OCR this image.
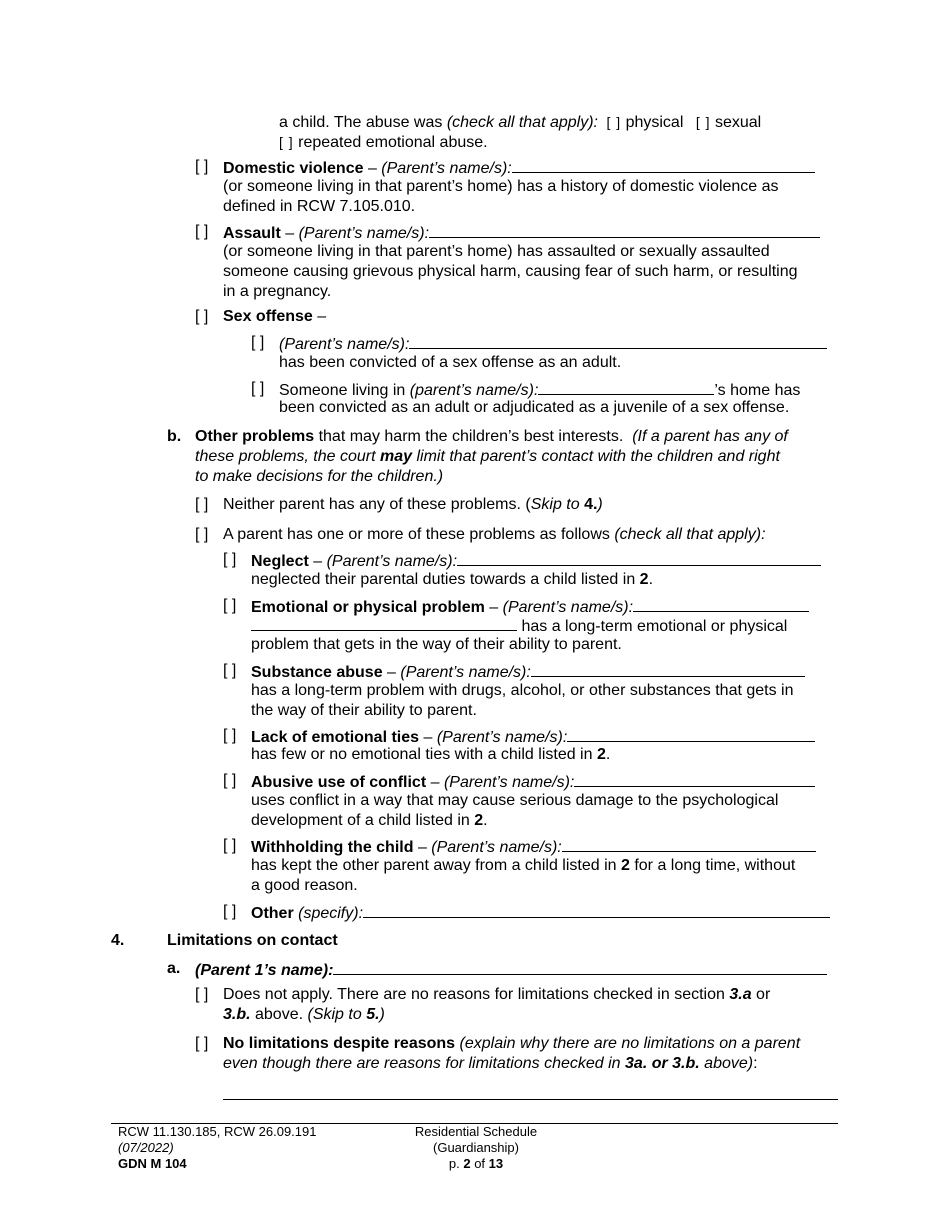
a child. The abuse was (check all that apply): [ ] physical [ ] sexual
[ ] repeated emotional abuse.
[ ] Domestic violence – (Parent’s name/s):
(or someone living in that parent’s home) has a history of domestic violence as
defined in RCW 7.105.010.
[ ] Assault – (Parent’s name/s):
(or someone living in that parent’s home) has assaulted or sexually assaulted
someone causing grievous physical harm, causing fear of such harm, or resulting
in a pregnancy.
[ ] Sex offense –
[ ] (Parent’s name/s):
has been convicted of a sex offense as an adult.
[ ] Someone living in (parent’s name/s):	’s home has
been convicted as an adult or adjudicated as a juvenile of a sex offense.
b. Other problems that may harm the children’s best interests.  (If a parent has any of
these problems, the court may limit that parent’s contact with the children and right
to make decisions for the children.)
[ ] Neither parent has any of these problems. (Skip to 4.)
[ ] A parent has one or more of these problems as follows (check all that apply):
[ ] Neglect – (Parent’s name/s):
neglected their parental duties towards a child listed in 2.
[ ] Emotional or physical problem – (Parent’s name/s):
has a long-term emotional or physical
problem that gets in the way of their ability to parent.
[ ] Substance abuse – (Parent’s name/s):
has a long-term problem with drugs, alcohol, or other substances that gets in
the way of their ability to parent.
[ ] Lack of emotional ties – (Parent’s name/s):
has few or no emotional ties with a child listed in 2.
[ ] Abusive use of conflict – (Parent’s name/s):
uses conflict in a way that may cause serious damage to the psychological
development of a child listed in 2.
[ ] Withholding the child – (Parent’s name/s):
has kept the other parent away from a child listed in 2 for a long time, without
a good reason.
[ ] Other (specify):
4.	Limitations on contact
a. (Parent 1’s name):
[ ] Does not apply. There are no reasons for limitations checked in section 3.a or
3.b. above. (Skip to 5.)
[ ] No limitations despite reasons (explain why there are no limitations on a parent
even though there are reasons for limitations checked in 3a. or 3.b. above):
RCW 11.130.185, RCW 26.09.191
(07/2022)
GDN M 104
Residential Schedule
(Guardianship)
p. 2 of 13
